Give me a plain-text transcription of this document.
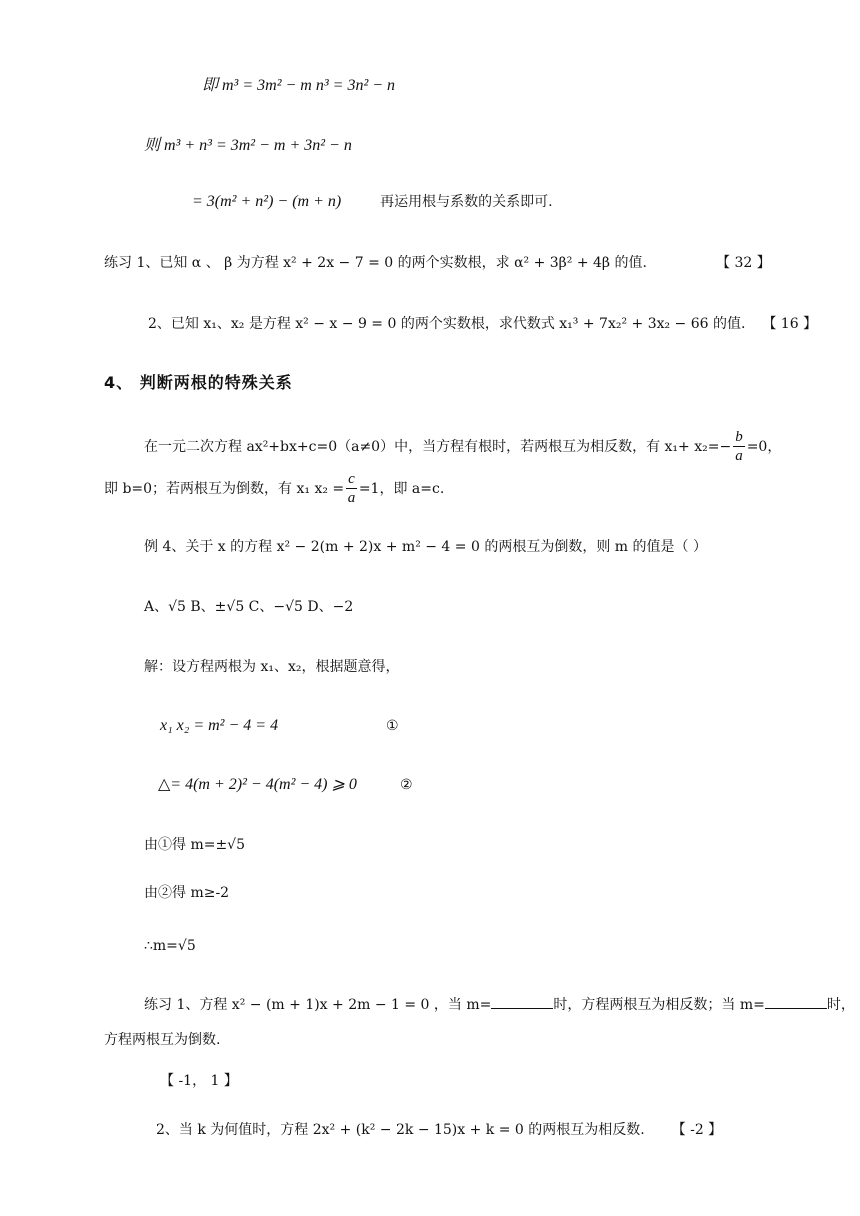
即 m³ = 3m² − m n³ = 3n² − n
则 m³ + n³ = 3m² − m + 3n² − n
= 3(m² + n²) − (m + n)	再运用根与系数的关系即可.
练习 1、已知 α 、 β 为方程 x² + 2x − 7 = 0 的两个实数根，求 α² + 3β² + 4β 的值.	【 32 】
2、已知 x₁、x₂ 是方程 x² − x − 9 = 0 的两个实数根，求代数式 x₁³ + 7x₂² + 3x₂ − 66 的值. 【 16 】
4、 判断两根的特殊关系
在一元二次方程 ax²+bx+c=0（a≠0）中，当方程有根时，若两根互为相反数，有 $x_1+ x_2=- \frac{b}{a} =0$，
即 b=0；若两根互为倒数，有 x₁ $x_2 = \frac{c}{a} =1$，即 a=c.
例 4、关于 x 的方程 x² − 2(m + 2)x + m² − 4 = 0 的两根互为倒数，则 m 的值是（ ）
A、√5 B、±√5 C、−√5 D、−2
解：设方程两根为 x₁、x₂，根据题意得，
x₁ x₂ = m² − 4 = 4	①
△= 4(m + 2)² − 4(m² − 4) ⩾ 0	②
由①得 m=±√5
由②得 m≥-2
∴m=√5
练习 1、方程 x² − (m + 1)x + 2m − 1 = 0 ，当 m=	时，方程两根互为相反数；当 m=	时，
方程两根互为倒数.
【 -1， 1 】
2、当 k 为何值时，方程 2x² + (k² − 2k − 15)x + k = 0 的两根互为相反数. 【 -2 】
